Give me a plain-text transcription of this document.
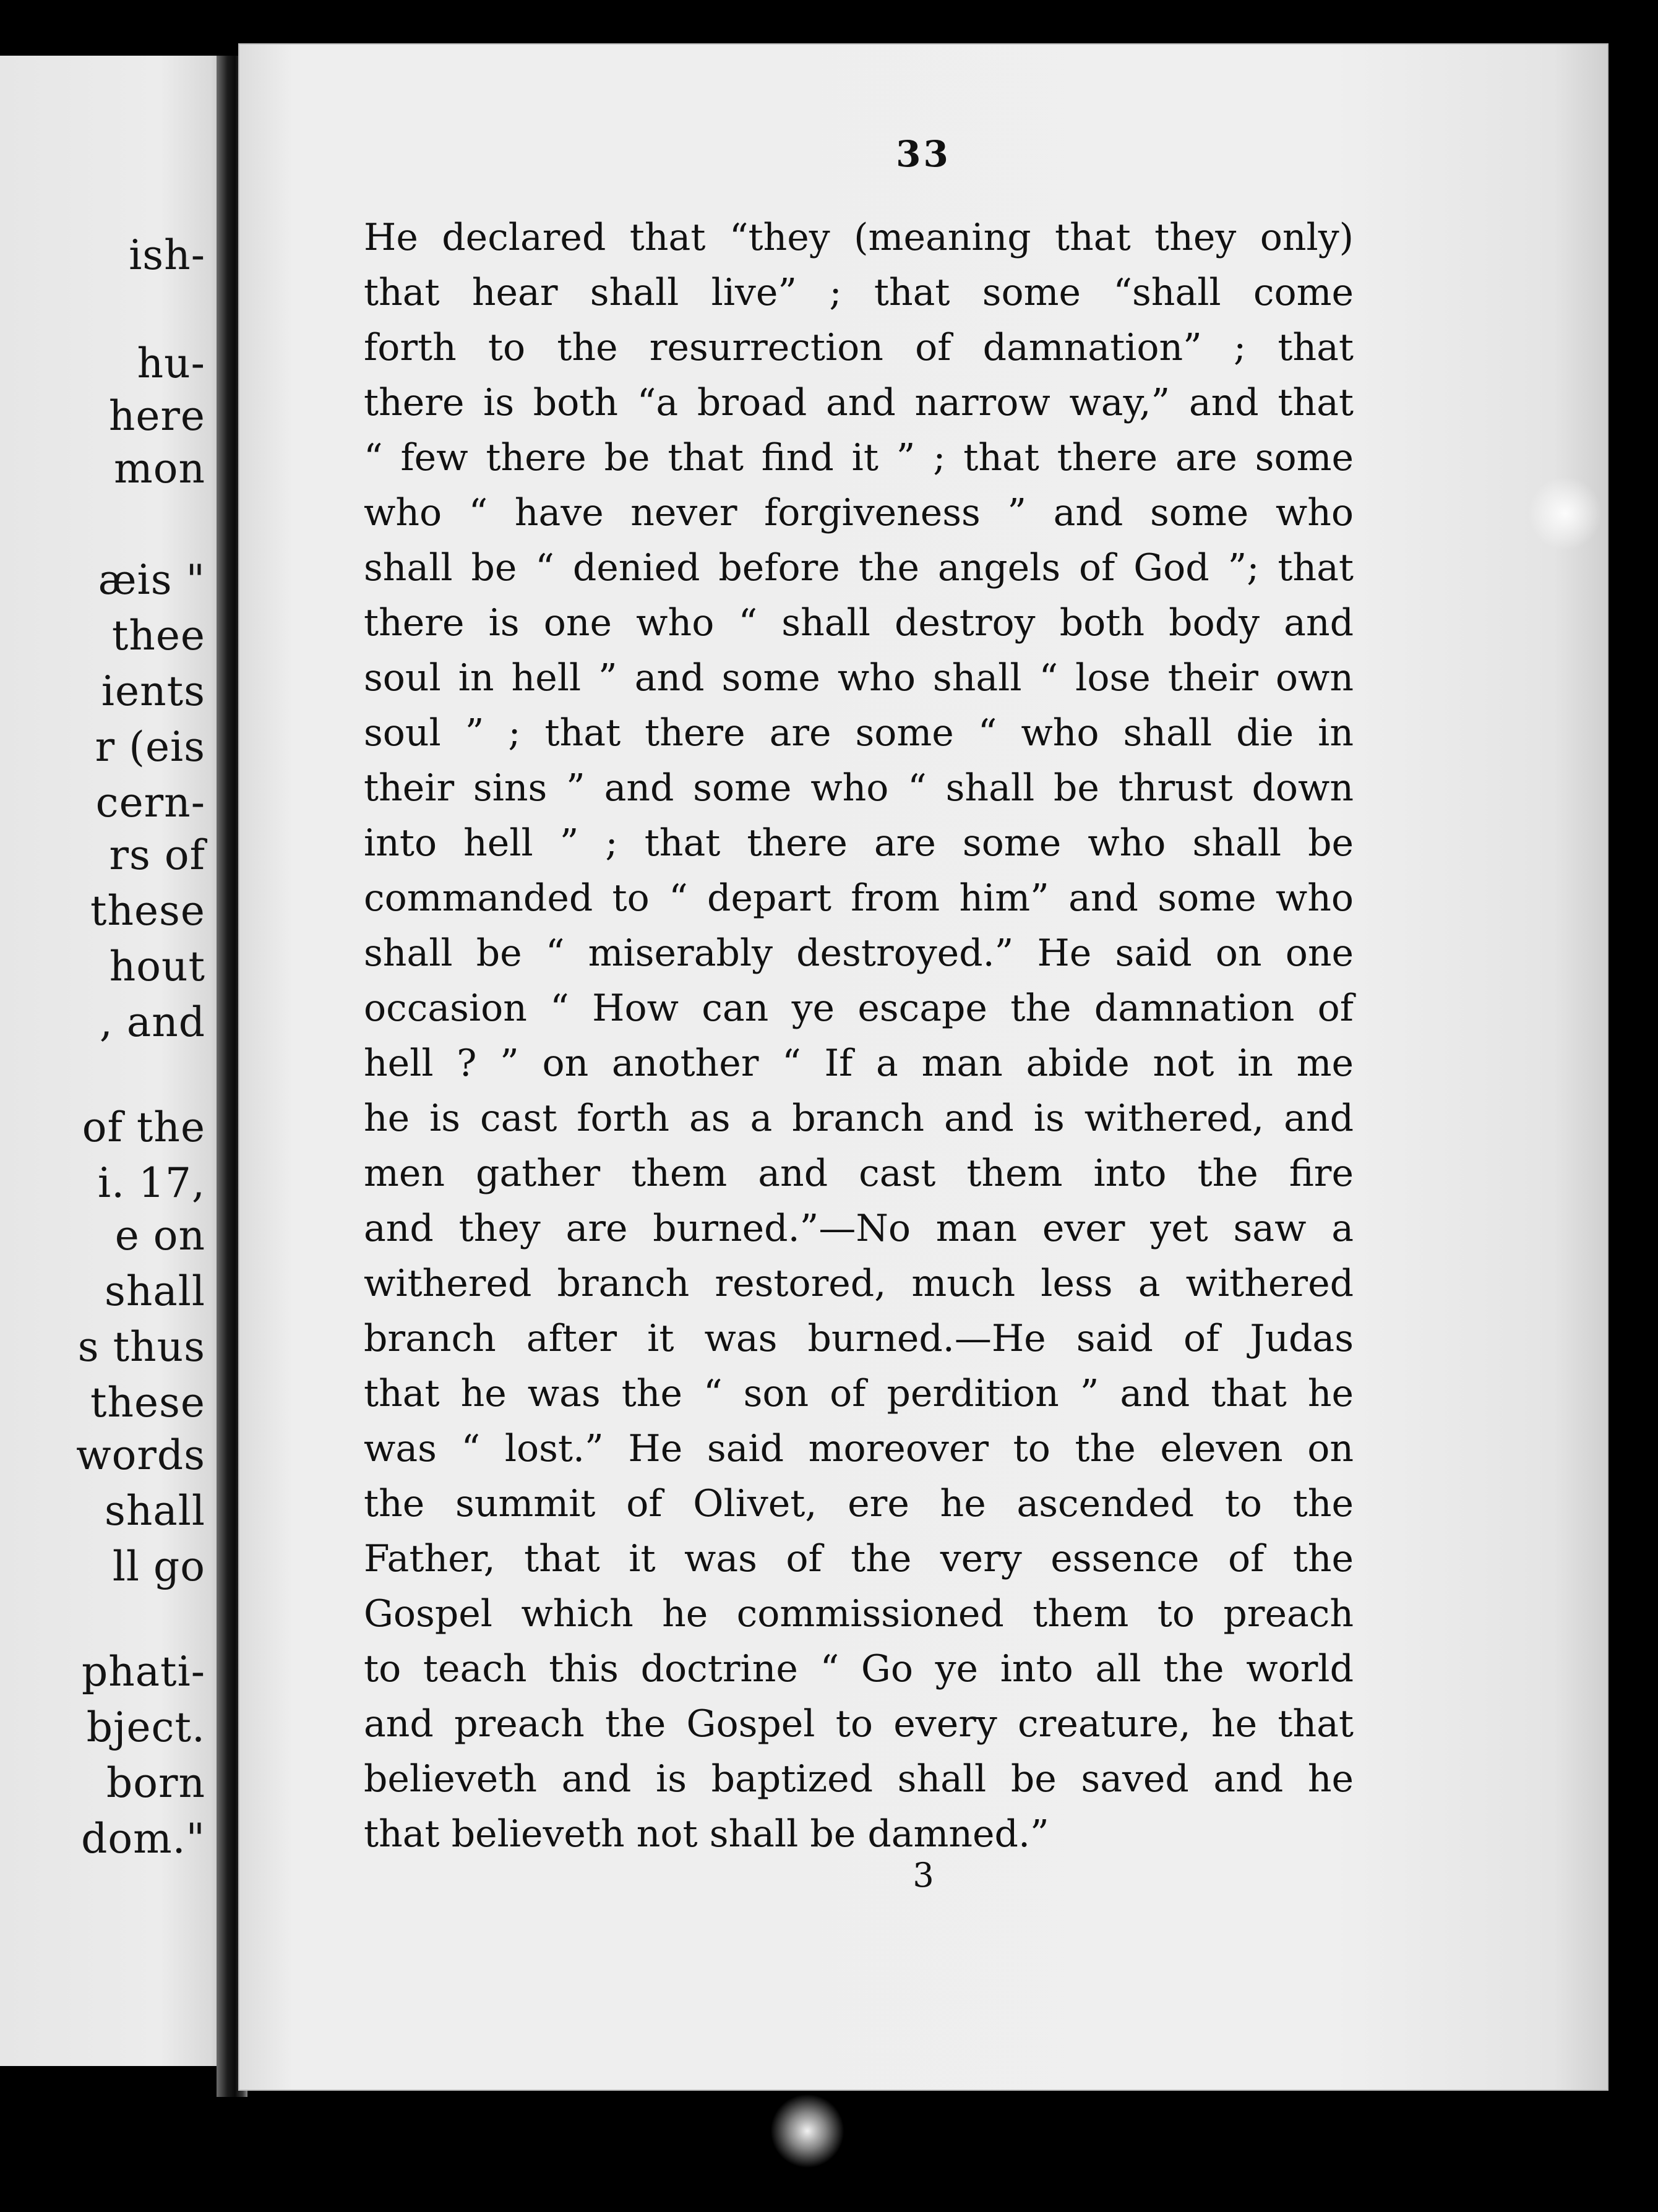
ish-

hu-

here

mon

æis "

thee

ients

r (eis

cern-

rs of

these

hout

, and

of the

i. 17,

e on

shall

s thus

these

words

shall

ll go

phati-

bject.

born

dom."

33

He declared that “they (meaning that they only)
that hear shall live” ; that some “shall come
forth to the resurrection of damnation” ; that
there is both “a broad and narrow way,” and that
“ few there be that find it ” ; that there are some
who “ have never forgiveness ” and some who
shall be “ denied before the angels of God ”; that
there is one who “ shall destroy both body and
soul in hell ” and some who shall “ lose their own
soul ” ; that there are some “ who shall die in
their sins ” and some who “ shall be thrust down
into hell ” ; that there are some who shall be
commanded to “ depart from him” and some who
shall be “ miserably destroyed.” He said on one
occasion “ How can ye escape the damnation of
hell ? ” on another “ If a man abide not in me
he is cast forth as a branch and is withered, and
men gather them and cast them into the fire
and they are burned.”—No man ever yet saw a
withered branch restored, much less a withered
branch after it was burned.—He said of Judas
that he was the “ son of perdition ” and that he
was “ lost.” He said moreover to the eleven on
the summit of Olivet, ere he ascended to the
Father, that it was of the very essence of the
Gospel which he commissioned them to preach
to teach this doctrine “ Go ye into all the world
and preach the Gospel to every creature, he that
believeth and is baptized shall be saved and he
that believeth not shall be damned.”

3
